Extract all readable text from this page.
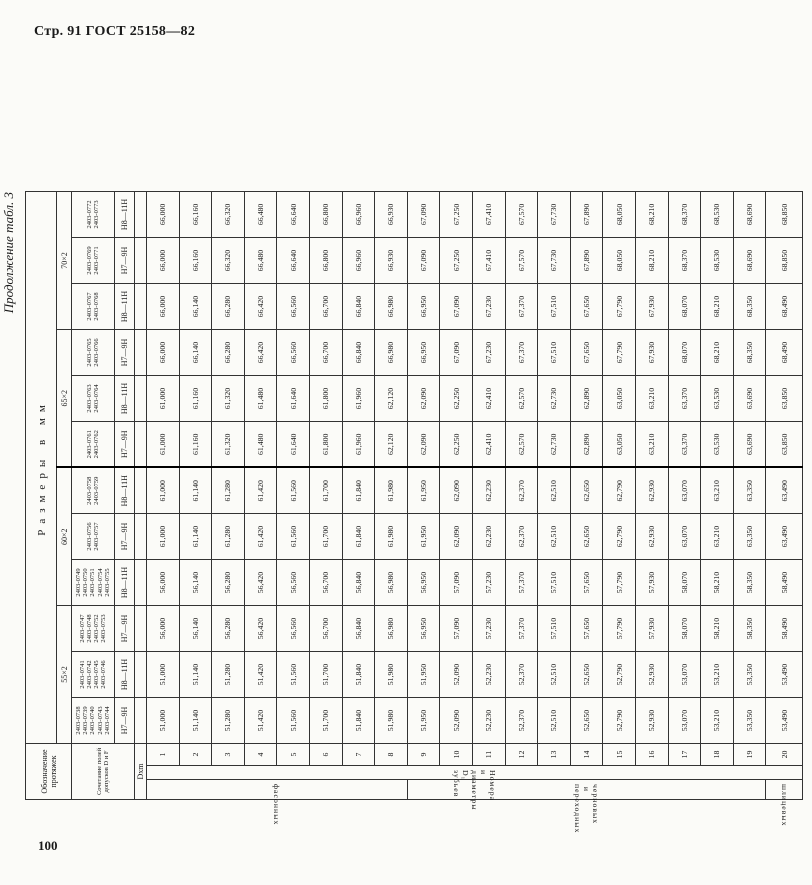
Стр. 91 ГОСТ 25158—82
Продолжение табл. 3
Обозначение протяжек			Размеры в мм											
			55×2			60×2			65×2			70×2		
Сочетание полей допусков D и F			2403-0738
2403-0739
2403-0740
2403-0743
2403-0744	2403-0741
2403-0742
2403-0745
2403-0746	2403-0747
2403-0748
2403-0752
2403-0753	2403-0749
2403-0750
2403-0751
2403-0754
2403-0755	2403-0756
2403-0757	2403-0758
2403-0759	2403-0761
2403-0762	2403-0763
2403-0764	2403-0765
2403-0766	2403-0767
2403-0768	2403-0769
2403-0771	2403-0772
2403-0773
			H7—9H	H8—11H	H7—9H	H8—11H	H7—9H	H8—11H	H7—9H	H8—11H	H7—9H	H8—11H	H7—9H	H8—11H
Dхm														

фасонных	Номера и диаметры D₁ зубьев	1	51,000	51,000	56,000	56,000	61,000	61,000	61,000	61,000	66,000	66,000	66,000	66,000
		2	51,140	51,140	56,140	56,140	61,140	61,140	61,160	61,160	66,140	66,140	66,160	66,160
		3	51,280	51,280	56,280	56,280	61,280	61,280	61,320	61,320	66,280	66,280	66,320	66,320
		4	51,420	51,420	56,420	56,420	61,420	61,420	61,480	61,480	66,420	66,420	66,480	66,480
		5	51,560	51,560	56,560	56,560	61,560	61,560	61,640	61,640	66,560	66,560	66,640	66,640
		6	51,700	51,700	56,700	56,700	61,700	61,700	61,800	61,800	66,700	66,700	66,800	66,800
		7	51,840	51,840	56,840	56,840	61,840	61,840	61,960	61,960	66,840	66,840	66,960	66,960
		8	51,980	51,980	56,980	56,980	61,980	61,980	62,120	62,120	66,980	66,980	66,930	66,930

черновых и переходных		9	51,950	51,950	56,950	56,950	61,950	61,950	62,090	62,090	66,950	66,950	67,090	67,090
		10	52,090	52,090	57,090	57,090	62,090	62,090	62,250	62,250	67,090	67,090	67,250	67,250
		11	52,230	52,230	57,230	57,230	62,230	62,230	62,410	62,410	67,230	67,230	67,410	67,410
		12	52,370	52,370	57,370	57,370	62,370	62,370	62,570	62,570	67,370	67,370	67,570	67,570
		13	52,510	52,510	57,510	57,510	62,510	62,510	62,730	62,730	67,510	67,510	67,730	67,730
		14	52,650	52,650	57,650	57,650	62,650	62,650	62,890	62,890	67,650	67,650	67,890	67,890
		15	52,790	52,790	57,790	57,790	62,790	62,790	63,050	63,050	67,790	67,790	68,050	68,050
		16	52,930	52,930	57,930	57,930	62,930	62,930	63,210	63,210	67,930	67,930	68,210	68,210
		17	53,070	53,070	58,070	58,070	63,070	63,070	63,370	63,370	68,070	68,070	68,370	68,370
		18	53,210	53,210	58,210	58,210	63,210	63,210	63,530	63,530	68,210	68,210	68,530	68,530
		19	53,350	53,350	58,350	58,350	63,350	63,350	63,690	63,690	68,350	68,350	68,690	68,690

шлицевых		20	53,490	53,490	58,490	58,490	63,490	63,490	63,850	63,850	68,490	68,490	68,850	68,850
100
